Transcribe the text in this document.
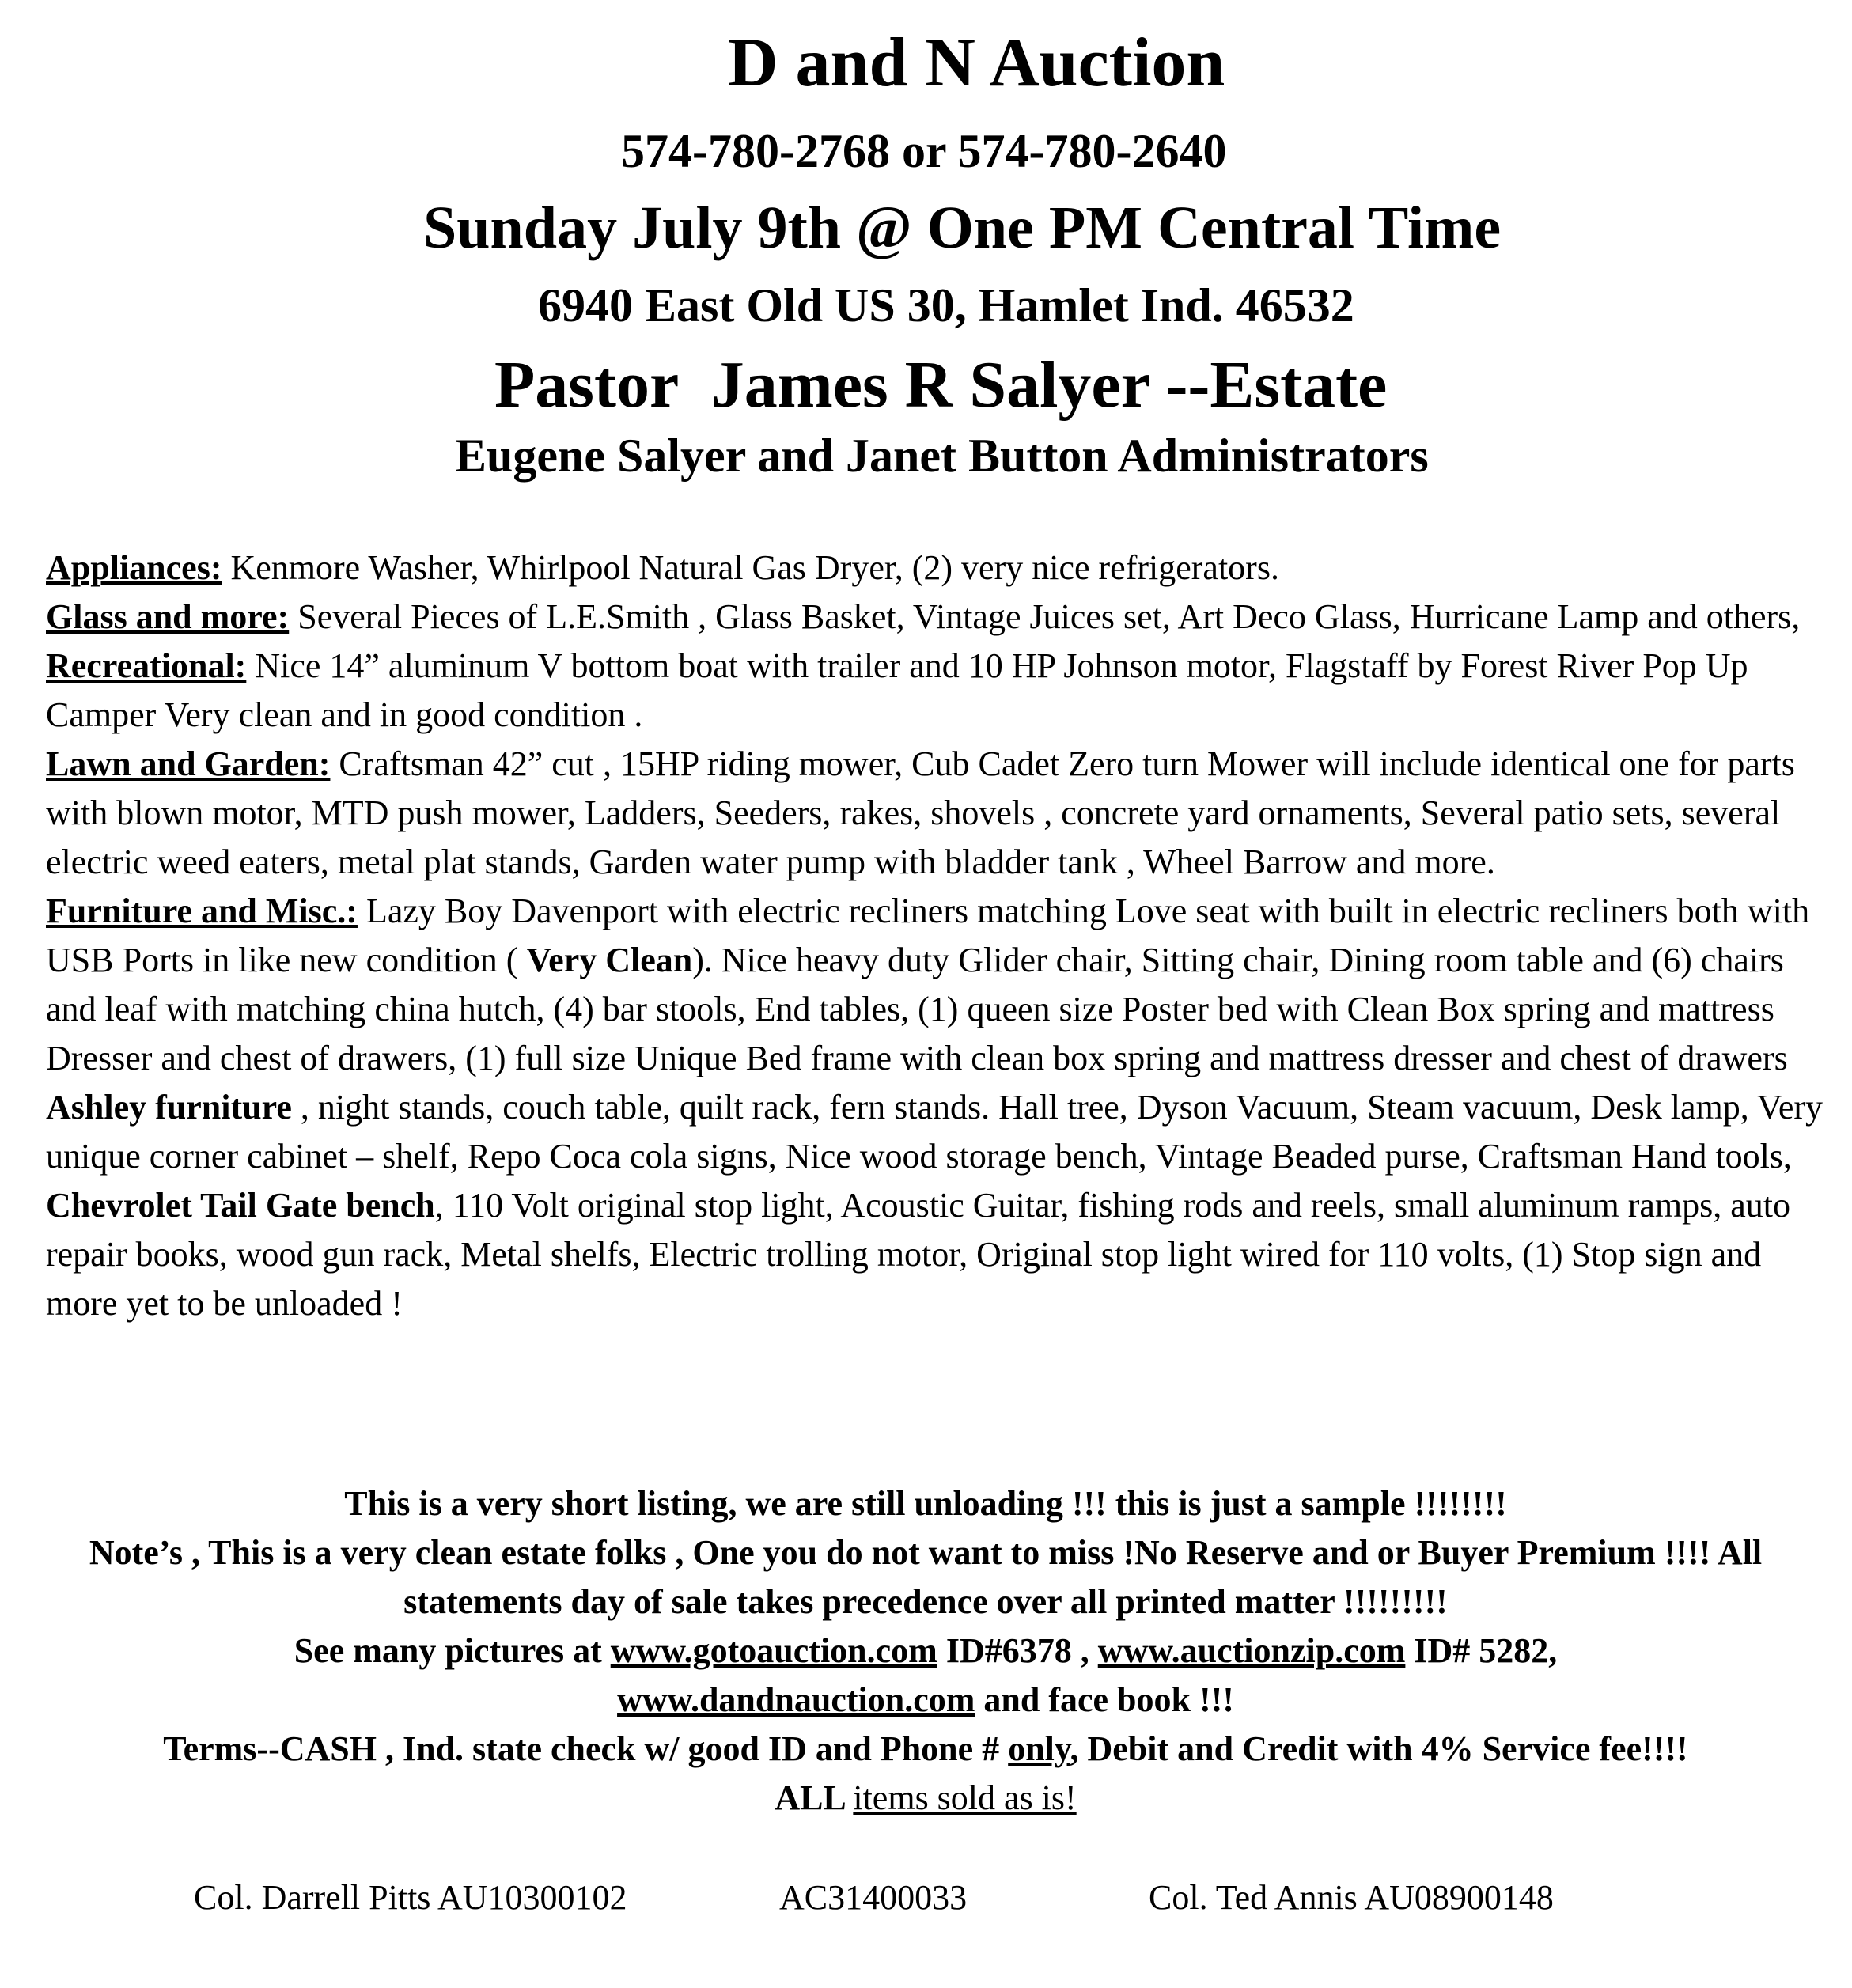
D and N Auction
574-780-2768 or 574-780-2640
Sunday July 9th @ One PM Central Time
6940 East Old US 30, Hamlet Ind. 46532
Pastor  James R Salyer --Estate
Eugene Salyer and Janet Button Administrators

Appliances: Kenmore Washer, Whirlpool Natural Gas Dryer, (2) very nice refrigerators.

Glass and more: Several Pieces of L.E.Smith , Glass Basket, Vintage Juices set, Art Deco Glass, Hurricane Lamp and others,

Recreational: Nice 14” aluminum V bottom boat with trailer and 10 HP Johnson motor, Flagstaff by Forest River Pop Up Camper Very clean and in good condition .

Lawn and Garden: Craftsman 42” cut , 15HP riding mower, Cub Cadet Zero turn Mower will include identical one for parts with blown motor, MTD push mower, Ladders, Seeders, rakes, shovels , concrete yard ornaments, Several patio sets, several electric weed eaters, metal plat stands, Garden water pump with bladder tank , Wheel Barrow and more.

Furniture and Misc.: Lazy Boy Davenport with electric recliners matching Love seat with built in electric recliners both with USB Ports in like new condition ( Very Clean). Nice heavy duty Glider chair, Sitting chair, Dining room table and (6) chairs and leaf with matching china hutch, (4) bar stools, End tables, (1) queen size Poster bed with Clean Box spring and mattress Dresser and chest of drawers, (1) full size Unique Bed frame with clean box spring and mattress dresser and chest of drawers Ashley furniture , night stands, couch table, quilt rack, fern stands. Hall tree, Dyson Vacuum, Steam vacuum, Desk lamp, Very unique corner cabinet – shelf, Repo Coca cola signs, Nice wood storage bench, Vintage Beaded purse, Craftsman Hand tools, Chevrolet Tail Gate bench, 110 Volt original stop light, Acoustic Guitar, fishing rods and reels, small aluminum ramps, auto repair books, wood gun rack, Metal shelfs, Electric trolling motor, Original stop light wired for 110 volts, (1) Stop sign and more yet to be unloaded !

This is a very short listing, we are still unloading !!! this is just a sample !!!!!!!!

Note’s , This is a very clean estate folks , One you do not want to miss !No Reserve and or Buyer Premium !!!! All statements day of sale takes precedence over all printed matter !!!!!!!!!

See many pictures at www.gotoauction.com ID#6378 , www.auctionzip.com ID# 5282,
www.dandnauction.com and face book !!!

Terms--CASH , Ind. state check w/ good ID and Phone # only, Debit and Credit with 4% Service fee!!!!

ALL items sold as is!

Col. Darrell Pitts AU10300102	AC31400033	Col. Ted Annis AU08900148
